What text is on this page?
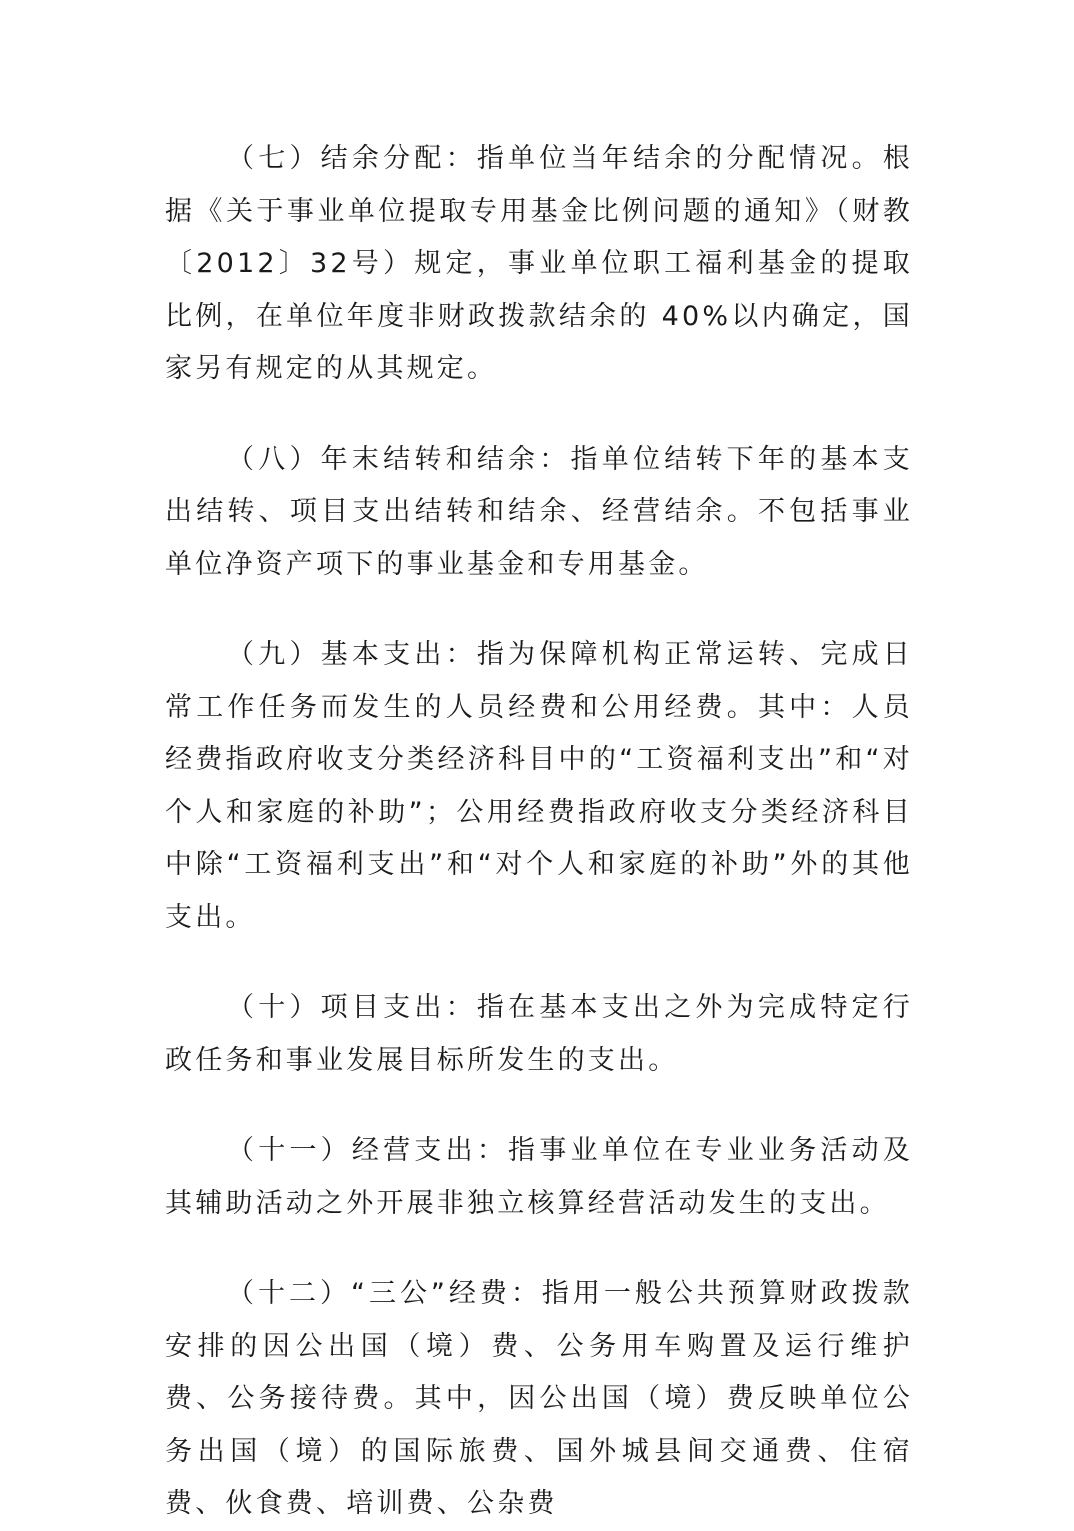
（七）结余分配：指单位当年结余的分配情况。根据《关于事业单位提取专用基金比例问题的通知》（财教〔2012〕32号）规定，事业单位职工福利基金的提取比例，在单位年度非财政拨款结余的 40%以内确定，国家另有规定的从其规定。

（八）年末结转和结余：指单位结转下年的基本支出结转、项目支出结转和结余、经营结余。不包括事业单位净资产项下的事业基金和专用基金。

（九）基本支出：指为保障机构正常运转、完成日常工作任务而发生的人员经费和公用经费。其中：人员经费指政府收支分类经济科目中的“工资福利支出”和“对个人和家庭的补助”；公用经费指政府收支分类经济科目中除“工资福利支出”和“对个人和家庭的补助”外的其他支出。

（十）项目支出：指在基本支出之外为完成特定行政任务和事业发展目标所发生的支出。

（十一）经营支出：指事业单位在专业业务活动及其辅助活动之外开展非独立核算经营活动发生的支出。

（十二）“三公”经费：指用一般公共预算财政拨款安排的因公出国（境）费、公务用车购置及运行维护费、公务接待费。其中，因公出国（境）费反映单位公务出国（境）的国际旅费、国外城县间交通费、住宿费、伙食费、培训费、公杂费
